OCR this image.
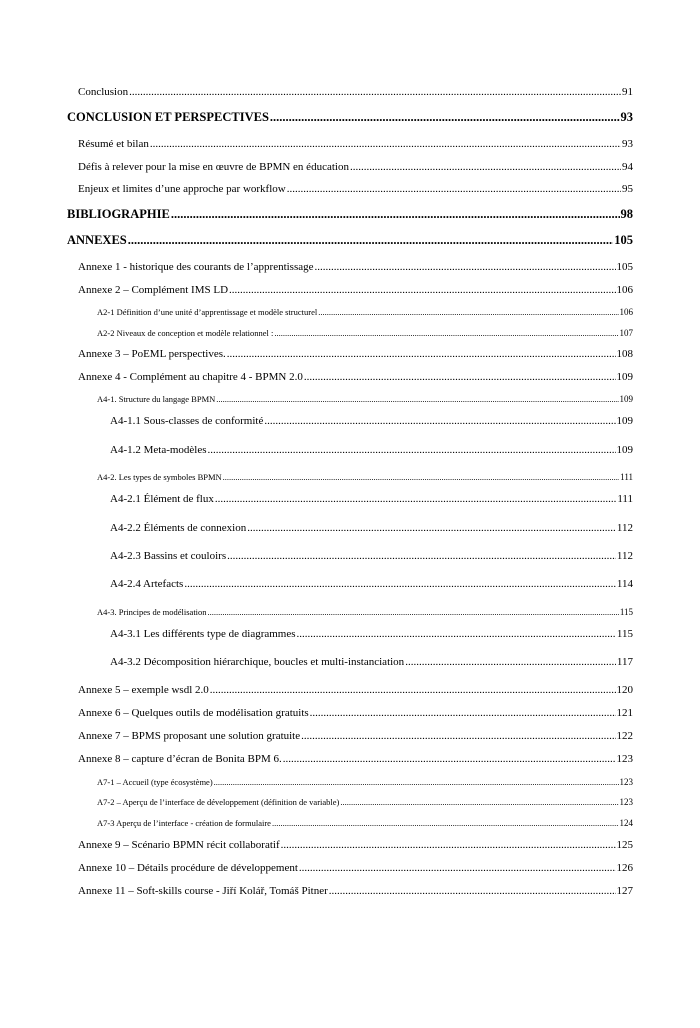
Conclusion .....	91
CONCLUSION ET PERSPECTIVES .....	93
Résumé et bilan .....	93
Défis à relever pour la mise en œuvre de BPMN en éducation .....	94
Enjeux et limites d’une approche par workflow .....	95
BIBLIOGRAPHIE .....	98
ANNEXES .....	105
Annexe 1 - historique des courants de l’apprentissage .....	105
Annexe 2 – Complément IMS LD .....	106
A2-1 Définition d’une unité d’apprentissage et modèle structurel .....	106
A2-2 Niveaux de conception et modèle relationnel : .....	107
Annexe 3 – PoEML perspectives. .....	108
Annexe 4 - Complément au chapitre 4 - BPMN 2.0 .....	109
A4-1. Structure du langage BPMN .....	109
A4-1.1 Sous-classes de conformité .....	109
A4-1.2 Meta-modèles .....	109
A4-2. Les types de symboles BPMN .....	111
A4-2.1 Élément de flux .....	111
A4-2.2 Éléments de connexion .....	112
A4-2.3 Bassins et couloirs .....	112
A4-2.4 Artefacts .....	114
A4-3. Principes de modélisation .....	115
A4-3.1 Les différents type de diagrammes .....	115
A4-3.2 Décomposition hiérarchique, boucles et multi-instanciation .....	117
Annexe 5 – exemple wsdl 2.0 .....	120
Annexe 6 – Quelques outils de modélisation gratuits .....	121
Annexe 7 – BPMS proposant une solution gratuite .....	122
Annexe 8 – capture d’écran de Bonita BPM 6. .....	123
A7-1 – Accueil (type écosystème) .....	123
A7-2 – Aperçu de l’interface de développement (définition de variable) .....	123
A7-3 Aperçu de l’interface - création de formulaire .....	124
Annexe 9 – Scénario BPMN récit collaboratif .....	125
Annexe 10 – Détails procédure de développement .....	126
Annexe 11 – Soft-skills course - Jiří Kolář, Tomáš Pitner .....	127
